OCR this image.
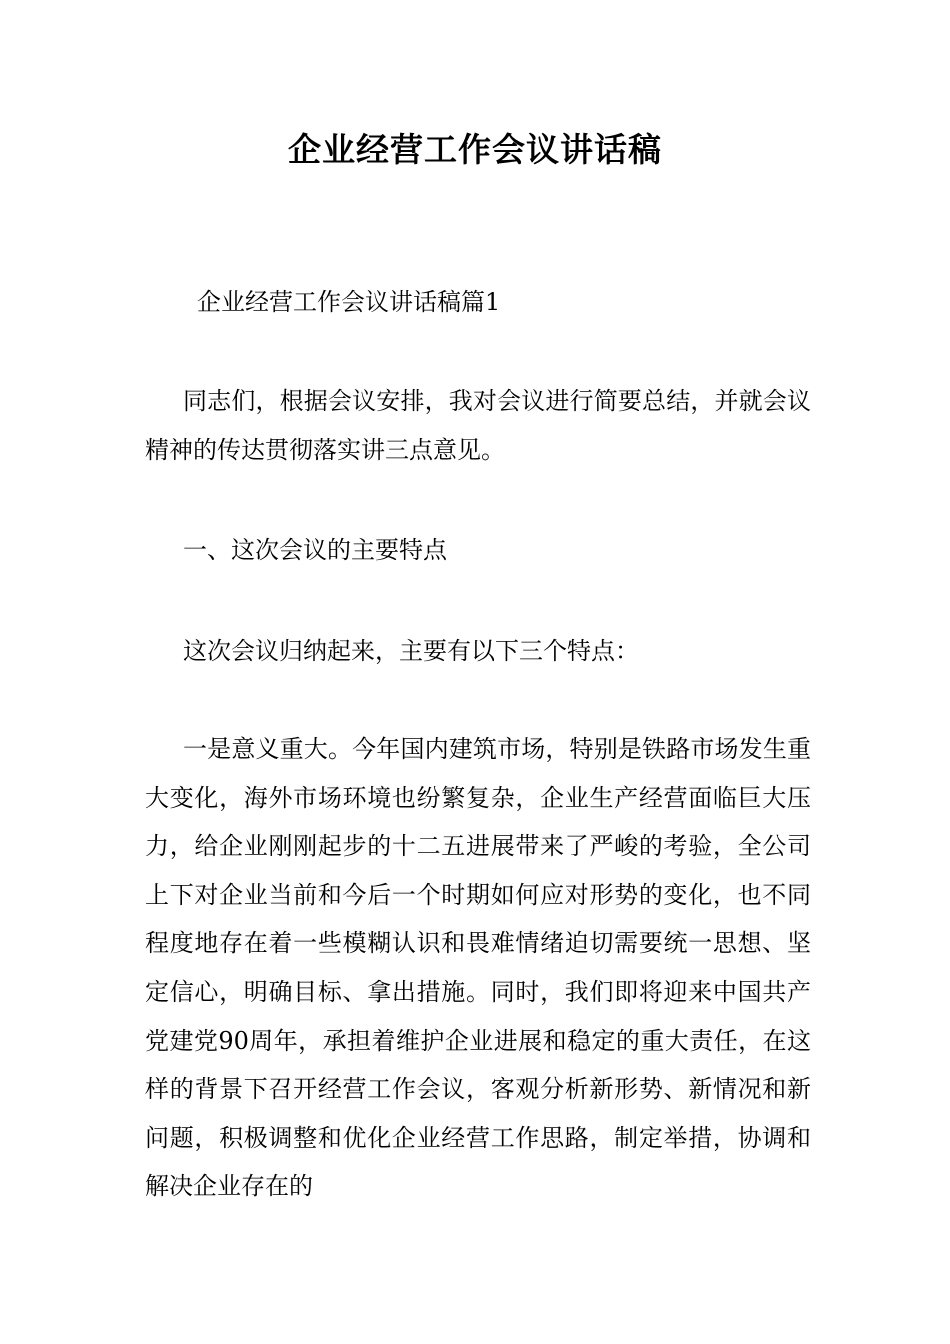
企业经营工作会议讲话稿
企业经营工作会议讲话稿篇1
同志们，根据会议安排，我对会议进行简要总结，并就会议精神的传达贯彻落实讲三点意见。
一、这次会议的主要特点
这次会议归纳起来，主要有以下三个特点：
一是意义重大。今年国内建筑市场，特别是铁路市场发生重大变化，海外市场环境也纷繁复杂，企业生产经营面临巨大压力，给企业刚刚起步的十二五进展带来了严峻的考验，全公司上下对企业当前和今后一个时期如何应对形势的变化，也不同程度地存在着一些模糊认识和畏难情绪迫切需要统一思想、坚定信心，明确目标、拿出措施。同时，我们即将迎来中国共产党建党90周年，承担着维护企业进展和稳定的重大责任，在这样的背景下召开经营工作会议，客观分析新形势、新情况和新问题，积极调整和优化企业经营工作思路，制定举措，协调和解决企业存在的
